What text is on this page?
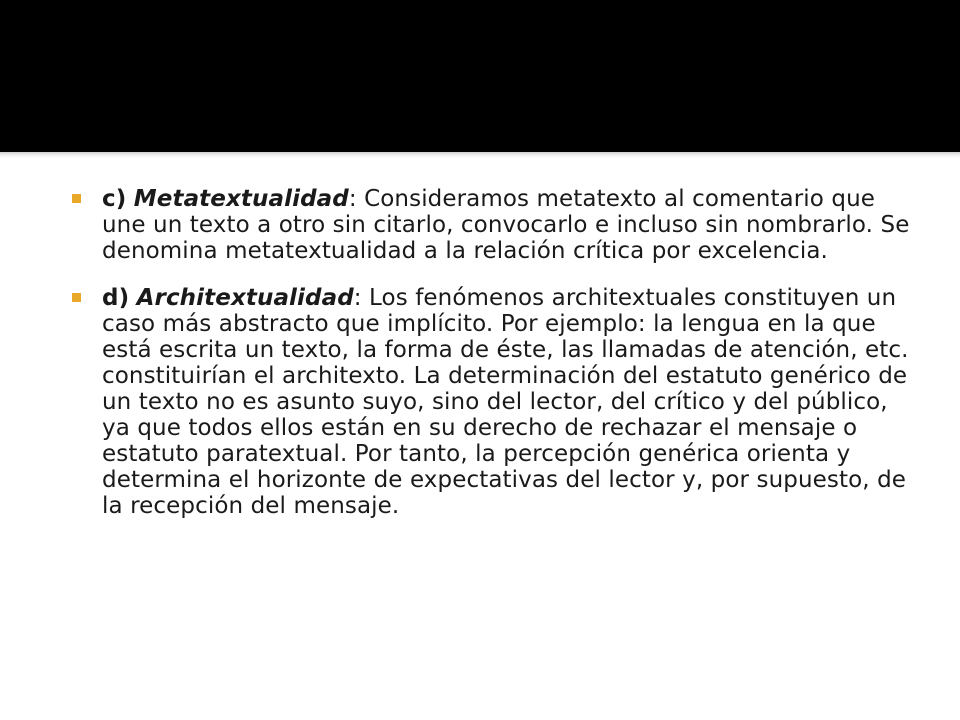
c) Metatextualidad: Consideramos metatexto al comentario que une un texto a otro sin citarlo, convocarlo e incluso sin nombrarlo. Se denomina metatextualidad a la relación crítica por excelencia.
d) Architextualidad: Los fenómenos architextuales constituyen un caso más abstracto que implícito. Por ejemplo: la lengua en la que está escrita un texto, la forma de éste, las llamadas de atención, etc. constituirían el architexto. La determinación del estatuto genérico de un texto no es asunto suyo, sino del lector, del crítico y del público, ya que todos ellos están en su derecho de rechazar el mensaje o estatuto paratextual. Por tanto, la percepción genérica orienta y determina el horizonte de expectativas del lector y, por supuesto, de la recepción del mensaje.
